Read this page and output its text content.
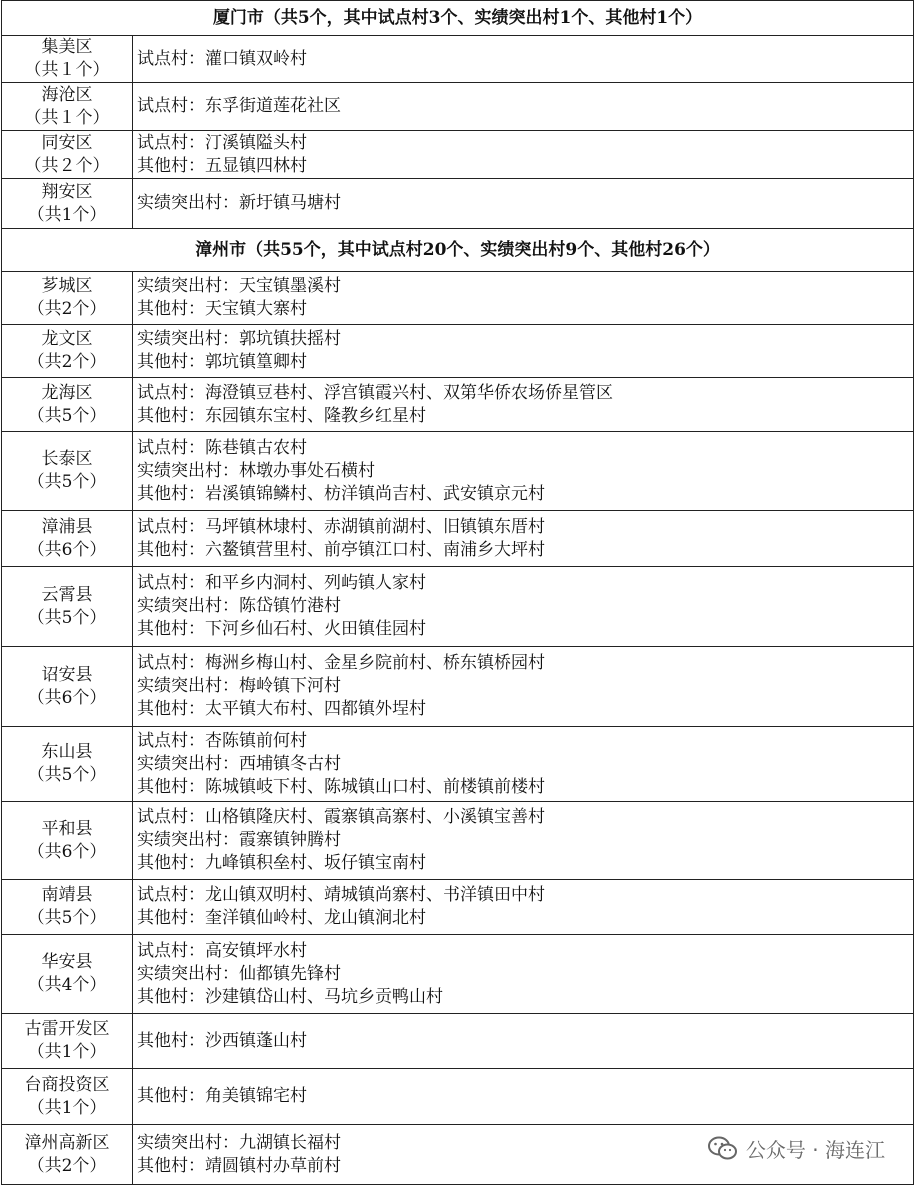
厦门市（共5个，其中试点村3个、实绩突出村1个、其他村1个）	

集美区
（共１个）	试点村：灌口镇双岭村

海沧区
（共１个）	试点村：东孚街道莲花社区

同安区
（共２个）	试点村：汀溪镇隘头村
其他村：五显镇四林村

翔安区
（共1个）	实绩突出村：新圩镇马塘村

漳州市（共55个，其中试点村20个、实绩突出村9个、其他村26个）	

芗城区
（共2个）	实绩突出村：天宝镇墨溪村
其他村：天宝镇大寨村

龙文区
（共2个）	实绩突出村：郭坑镇扶摇村
其他村：郭坑镇篁卿村

龙海区
（共5个）	试点村：海澄镇豆巷村、浮宫镇霞兴村、双第华侨农场侨星管区
其他村：东园镇东宝村、隆教乡红星村

长泰区
（共5个）	试点村：陈巷镇古农村
实绩突出村：林墩办事处石横村
其他村：岩溪镇锦鳞村、枋洋镇尚吉村、武安镇京元村

漳浦县
（共6个）	试点村：马坪镇林埭村、赤湖镇前湖村、旧镇镇东厝村
其他村：六鳌镇营里村、前亭镇江口村、南浦乡大坪村

云霄县
（共5个）	试点村：和平乡内洞村、列屿镇人家村
实绩突出村：陈岱镇竹港村
其他村：下河乡仙石村、火田镇佳园村

诏安县
（共6个）	试点村：梅洲乡梅山村、金星乡院前村、桥东镇桥园村
实绩突出村：梅岭镇下河村
其他村：太平镇大布村、四都镇外埕村

东山县
（共5个）	试点村：杏陈镇前何村
实绩突出村：西埔镇冬古村
其他村：陈城镇岐下村、陈城镇山口村、前楼镇前楼村

平和县
（共6个）	试点村：山格镇隆庆村、霞寨镇高寨村、小溪镇宝善村
实绩突出村：霞寨镇钟腾村
其他村：九峰镇积垒村、坂仔镇宝南村

南靖县
（共5个）	试点村：龙山镇双明村、靖城镇尚寨村、书洋镇田中村
其他村：奎洋镇仙岭村、龙山镇涧北村

华安县
（共4个）	试点村：高安镇坪水村
实绩突出村：仙都镇先锋村
其他村：沙建镇岱山村、马坑乡贡鸭山村

古雷开发区
（共1个）	其他村：沙西镇蓬山村

台商投资区
（共1个）	其他村：角美镇锦宅村

漳州高新区
（共2个）	实绩突出村：九湖镇长福村
其他村：靖圆镇村办草前村
公众号 · 海连江
